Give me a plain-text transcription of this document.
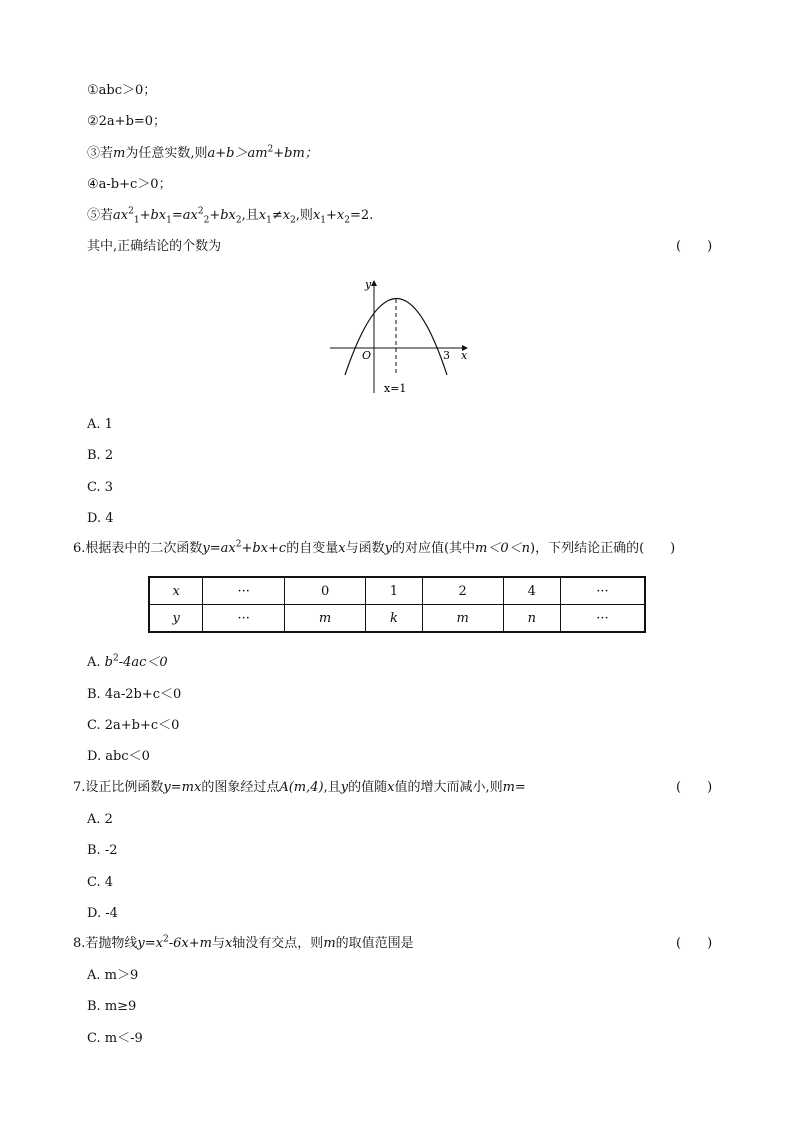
①abc＞0；
②2a+b=0；
③若m为任意实数,则$a+b>am^2+bm$；
④a-b+c＞0；
⑤若$ax^2_1+bx_1=ax^2_2+bx_2$,且$x_1\ne x_2$,则$x_1+x_2=2$.
其中,正确结论的个数为	(　　)
y
x
O	3
x=1
A. 1
B. 2
C. 3
D. 4
6.根据表中的二次函数$y=ax^2+bx+c$的自变量x与函数y的对应值(其中m＜0＜n)，下列结论正确的(　　)
x	···	0	1	2	4	···
y	···	m	k	m	n	···
A. $b^2-4ac<0$
B. 4a-2b+c＜0
C. 2a+b+c＜0
D. abc＜0
7.设正比例函数y=mx的图象经过点A(m,4),且y的值随x值的增大而减小,则m=	(　　)
A. 2
B. -2
C. 4
D. -4
8.若抛物线$y=x^2-6x+m$与x轴没有交点，则m的取值范围是	(　　)
A. m＞9
B. m≥9
C. m＜-9
